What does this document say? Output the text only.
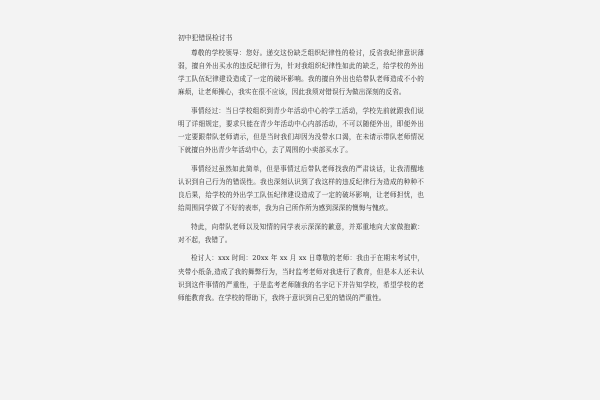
初中犯错误检讨书

尊敬的学校领导：您好。递交这份缺乏组织纪律性的检讨，反省我纪律意识薄弱，擅自外出买水的违反纪律行为，针对我组织纪律性如此的缺乏，给学校的外出学工队伍纪律建设造成了一定的破坏影响。我的擅自外出也给带队老师造成不小的麻烦，让老师操心，我实在很不应该，因此我须对错误行为做出深刻的反省。

事情经过：当日学校组织到青少年活动中心的学工活动，学校先前就跟我们说明了详细规定，要求只能在青少年活动中心内部活动，不可以随便外出，即便外出一定要跟带队老师请示，但是当时我们却因为没带水口渴，在未请示带队老师情况下就擅自外出青少年活动中心，去了周围的小卖部买水了。

事情经过虽然如此简单，但是事情过后带队老师找我的严肃谈话，让我清醒地认识到自己行为的错误性。我也深刻认识到了我这样的违反纪律行为造成的种种不良后果，给学校的外出学工队伍纪律建设造成了一定的破坏影响，让老师担忧，也给周围同学做了不好的表率，我为自己所作所为感到深深的懊悔与愧疚。

特此，向带队老师以及知情的同学表示深深的歉意，并郑重地向大家做抱歉：对不起，我错了。

检讨人：xxx 时间：20xx 年 xx 月 xx 日尊敬的老师：我由于在期末考试中，夹带小纸条,造成了我的舞弊行为，当时监考老师对我进行了教育，但是本人还未认识到这件事情的严重性，于是监考老师随我的名字记下并告知学校，希望学校的老师能教育我。在学校的帮助下，我终于意识到自己犯的错误的严重性。
